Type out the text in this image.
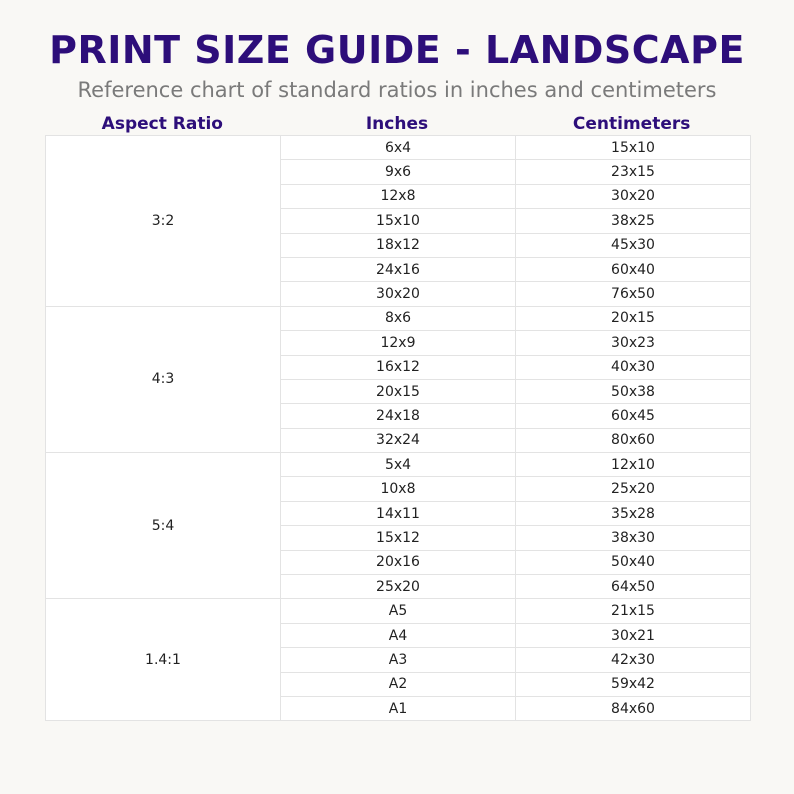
PRINT SIZE GUIDE - LANDSCAPE

Reference chart of standard ratios in inches and centimeters

Aspect Ratio	Inches	Centimeters
3:2	6x4	15x10
	9x6	23x15
	12x8	30x20
	15x10	38x25
	18x12	45x30
	24x16	60x40
	30x20	76x50
4:3	8x6	20x15
	12x9	30x23
	16x12	40x30
	20x15	50x38
	24x18	60x45
	32x24	80x60
5:4	5x4	12x10
	10x8	25x20
	14x11	35x28
	15x12	38x30
	20x16	50x40
	25x20	64x50
1.4:1	A5	21x15
	A4	30x21
	A3	42x30
	A2	59x42
	A1	84x60
